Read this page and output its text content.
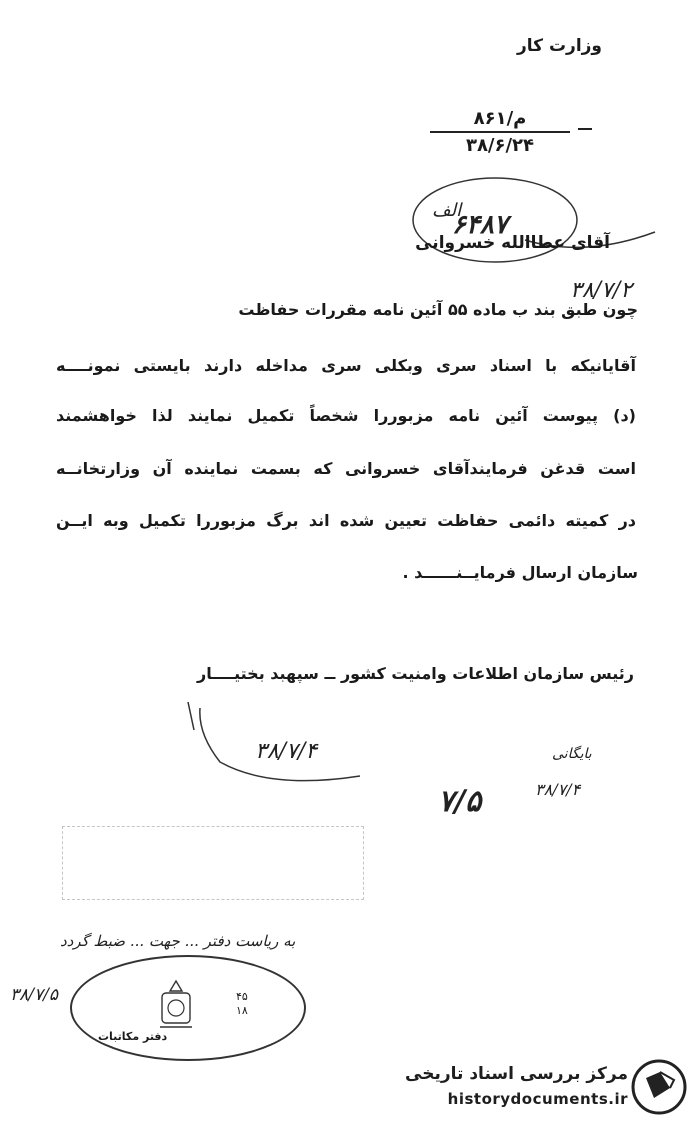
وزارت کار
م/۸۶۱
۳۸/۶/۲۴
الف
۶۴۸۷
۳۸/۷/۲
آقای عطاالله خسروانی
چون طبق بند ب ماده ۵۵ آئین نامه مقررات حفاظت
آقایانیکه با اسناد سری وبکلی سری مداخله دارند بایستی نمونــــه
(د) پیوست آئین نامه مزبوررا شخصاً تکمیل نمایند لذا خواهشمند
است قدغن فرمایندآقای خسروانی که بسمت نماینده آن وزارتخانــه
در کمیته دائمی حفاظت تعیین شده اند برگ مزبوررا تکمیل وبه ایــن
سازمان ارسال فرمایــنــــــد .
رئیس سازمان اطلاعات وامنیت کشور ــ سپهبد بختیــــار
۳۸/۷/۴	بایگانی
۳۸/۷/۴
۷/۵
به ریاست دفتر ... جهت ... ضبط گردد
دفتر مکاتبات
۴۵
۱۸
۳۸/۷/۵
مرکز بررسی اسناد تاریخی
historydocuments.ir
